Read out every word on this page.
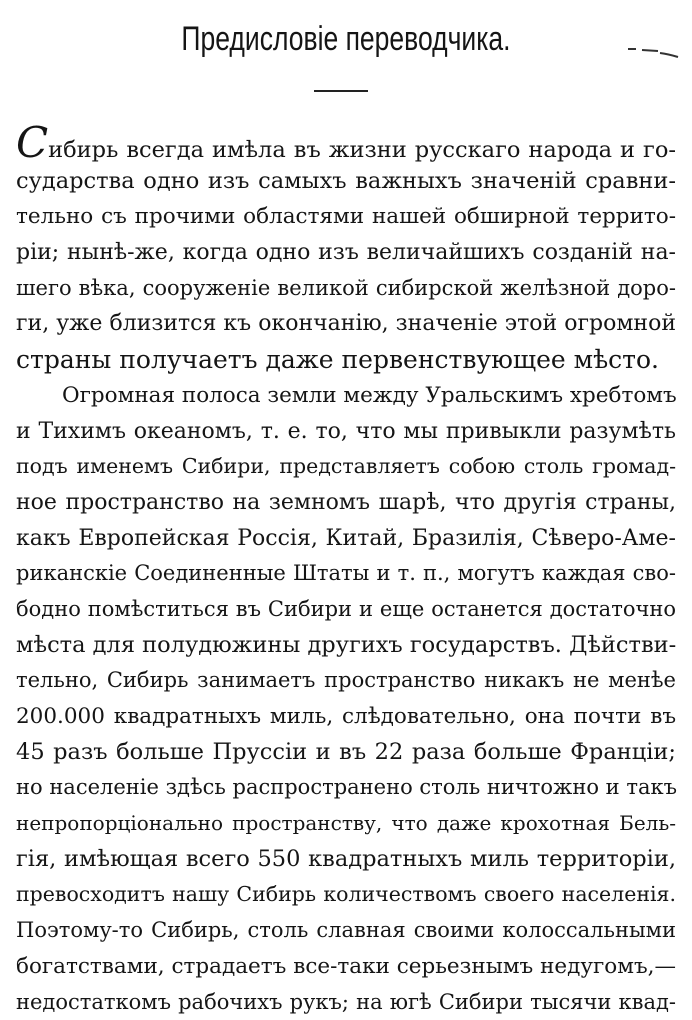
Предисловіе переводчика.
Сибирь всегда имѣла въ жизни русскаго народа и го-
сударства одно изъ самыхъ важныхъ значеній сравни-
тельно съ прочими областями нашей обширной террито-
ріи; нынѣ-же, когда одно изъ величайшихъ созданій на-
шего вѣка, сооруженіе великой сибирской желѣзной доро-
ги, уже близится къ окончанію, значеніе этой огромной
страны получаетъ даже первенствующее мѣсто.
Огромная полоса земли между Уральскимъ хребтомъ
и Тихимъ океаномъ, т. е. то, что мы привыкли разумѣть
подъ именемъ Сибири, представляетъ собою столь громад-
ное пространство на земномъ шарѣ, что другія страны,
какъ Европейская Россія, Китай, Бразилія, Сѣверо-Аме-
риканскіе Соединенные Штаты и т. п., могутъ каждая сво-
бодно помѣститься въ Сибири и еще останется достаточно
мѣста для полудюжины другихъ государствъ. Дѣйстви-
тельно, Сибирь занимаетъ пространство никакъ не менѣе
200.000 квадратныхъ миль, слѣдовательно, она почти въ
45 разъ больше Пруссіи и въ 22 раза больше Франціи;
но населеніе здѣсь распространено столь ничтожно и такъ
непропорціонально пространству, что даже крохотная Бель-
гія, имѣющая всего 550 квадратныхъ миль территоріи,
превосходитъ нашу Сибирь количествомъ своего населенія.
Поэтому-то Сибирь, столь славная своими колоссальными
богатствами, страдаетъ все-таки серьезнымъ недугомъ,—
недостаткомъ рабочихъ рукъ; на югѣ Сибири тысячи квад-
